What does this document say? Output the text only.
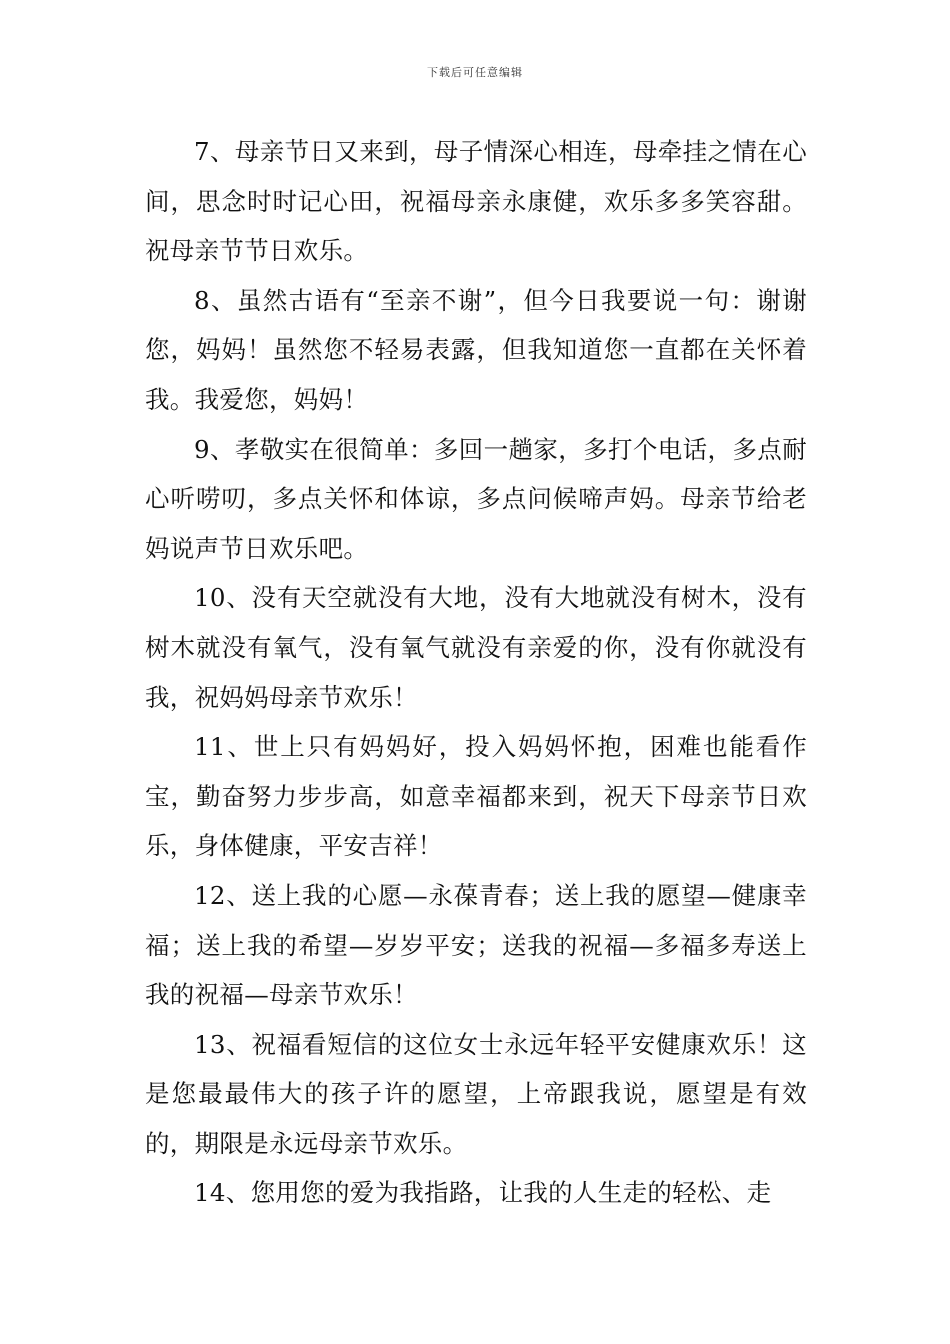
下载后可任意编辑

7、母亲节日又来到，母子情深心相连，母牵挂之情在心间，思念时时记心田，祝福母亲永康健，欢乐多多笑容甜。祝母亲节节日欢乐。

8、虽然古语有“至亲不谢”，但今日我要说一句：谢谢您，妈妈！虽然您不轻易表露，但我知道您一直都在关怀着我。我爱您，妈妈！

9、孝敬实在很简单：多回一趟家，多打个电话，多点耐心听唠叨，多点关怀和体谅，多点问候啼声妈。母亲节给老妈说声节日欢乐吧。

10、没有天空就没有大地，没有大地就没有树木，没有树木就没有氧气，没有氧气就没有亲爱的你，没有你就没有我，祝妈妈母亲节欢乐！

11、世上只有妈妈好，投入妈妈怀抱，困难也能看作宝，勤奋努力步步高，如意幸福都来到，祝天下母亲节日欢乐，身体健康，平安吉祥！

12、送上我的心愿—永葆青春；送上我的愿望—健康幸福；送上我的希望—岁岁平安；送我的祝福—多福多寿送上我的祝福—母亲节欢乐！

13、祝福看短信的这位女士永远年轻平安健康欢乐！这是您最最伟大的孩子许的愿望，上帝跟我说，愿望是有效的，期限是永远母亲节欢乐。

14、您用您的爱为我指路，让我的人生走的轻松、走
